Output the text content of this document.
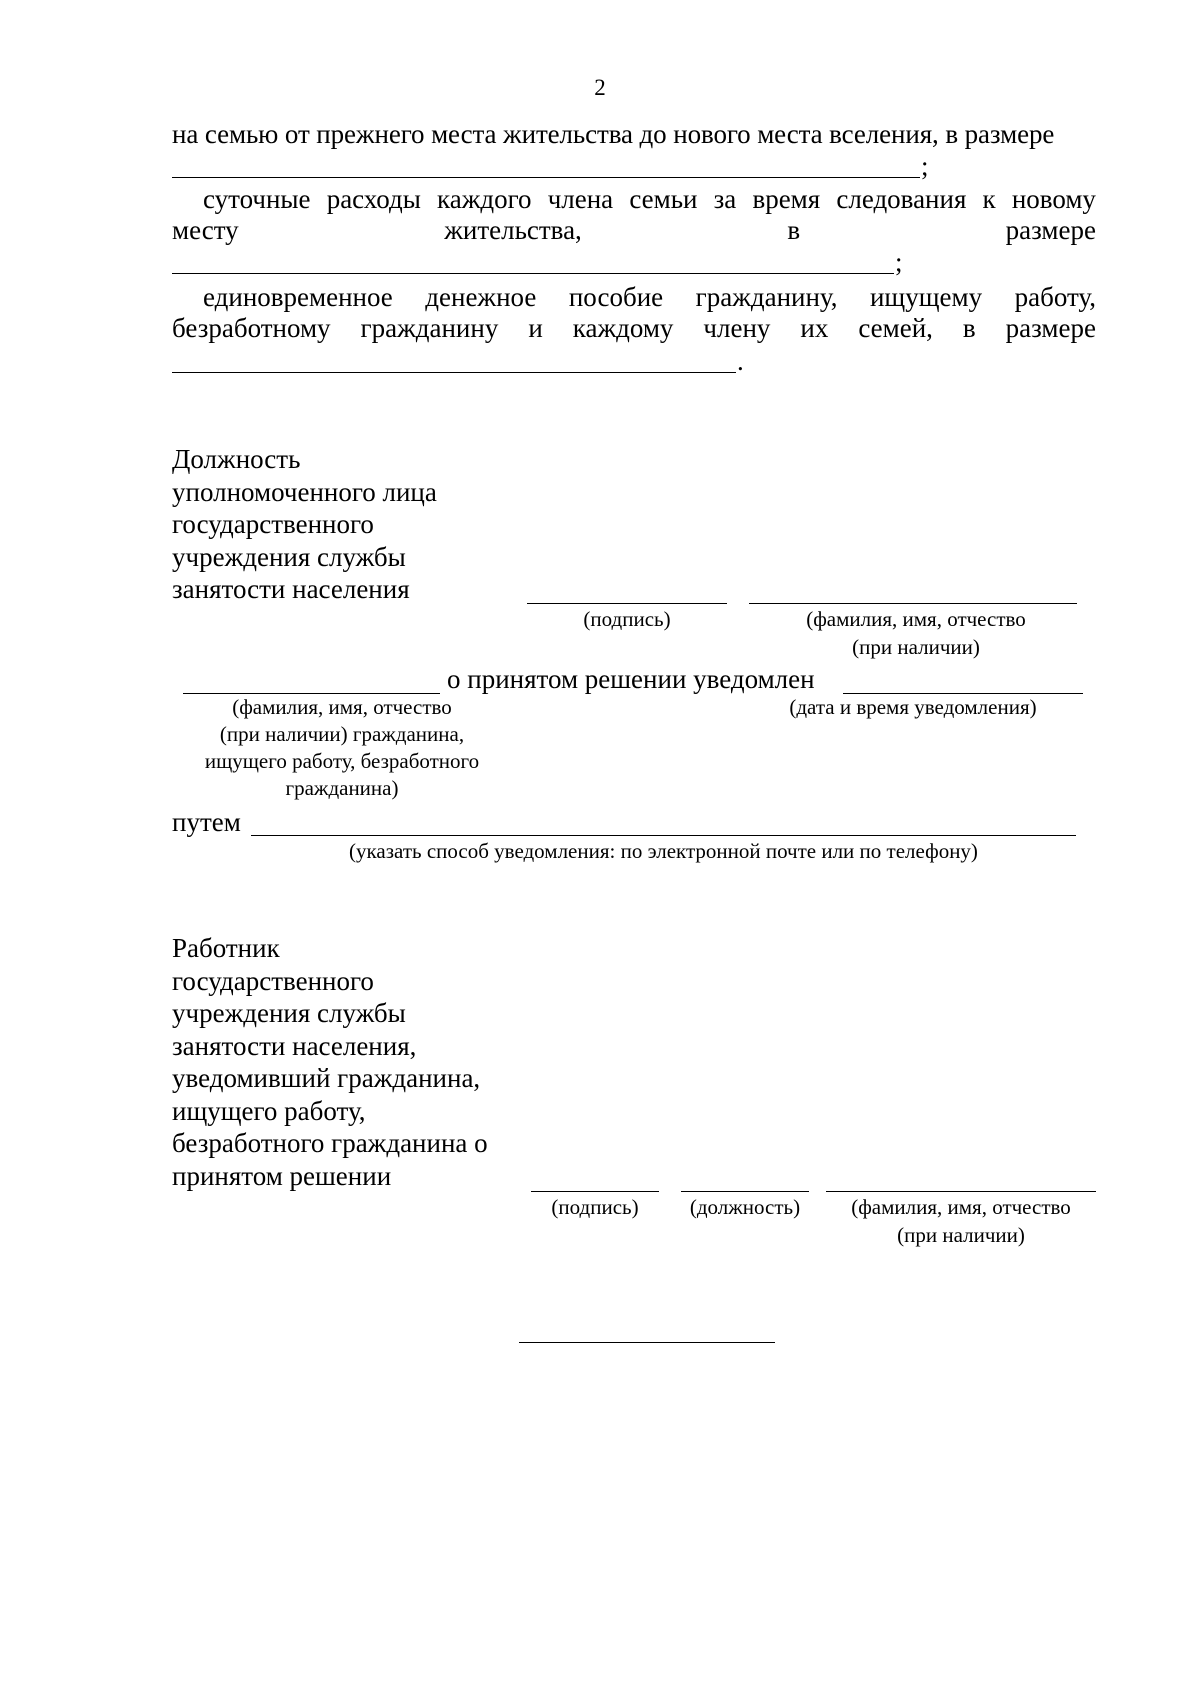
2
на семью от прежнего места жительства до нового места вселения, в размере
;
суточные расходы каждого члена семьи за время следования к новому
месту	жительства,	в	размере
;
единовременное денежное пособие гражданину, ищущему работу,
безработному гражданину и каждому члену их семей, в размере
.
Должность
уполномоченного лица
государственного
учреждения службы
занятости населения
(подпись)	(фамилия, имя, отчество
(при наличии)
о принятом решении уведомлен
(фамилия, имя, отчество
(при наличии) гражданина,
ищущего работу, безработного
гражданина)
(дата и время уведомления)
путем
(указать способ уведомления: по электронной почте или по телефону)
Работник
государственного
учреждения службы
занятости населения,
уведомивший гражданина,
ищущего работу,
безработного гражданина о
принятом решении
(подпись)	(должность)	(фамилия, имя, отчество
(при наличии)
